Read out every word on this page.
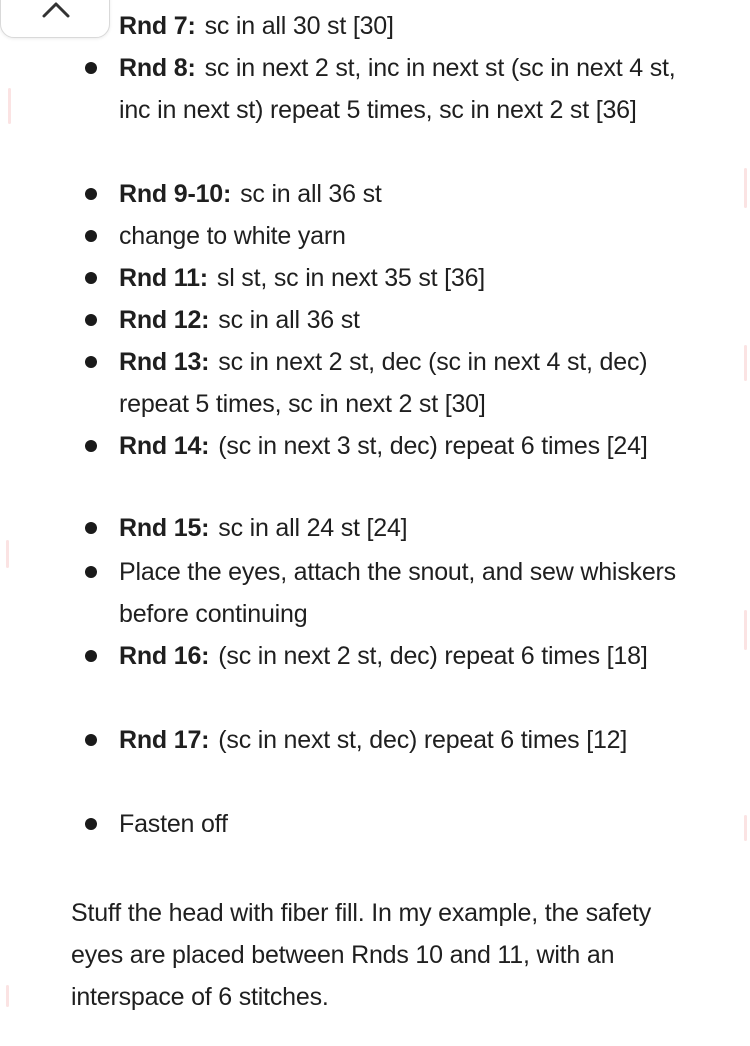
Rnd 7: sc in all 30 st [30]
Rnd 8: sc in next 2 st, inc in next st (sc in next 4 st, inc in next st) repeat 5 times, sc in next 2 st [36]
Rnd 9-10: sc in all 36 st
change to white yarn
Rnd 11: sl st, sc in next 35 st [36]
Rnd 12: sc in all 36 st
Rnd 13: sc in next 2 st, dec (sc in next 4 st, dec) repeat 5 times, sc in next 2 st [30]
Rnd 14: (sc in next 3 st, dec) repeat 6 times [24]
Rnd 15: sc in all 24 st [24]
Place the eyes, attach the snout, and sew whiskers before continuing
Rnd 16: (sc in next 2 st, dec) repeat 6 times [18]
Rnd 17: (sc in next st, dec) repeat 6 times [12]
Fasten off

Stuff the head with fiber fill. In my example, the safety eyes are placed between Rnds 10 and 11, with an interspace of 6 stitches.
